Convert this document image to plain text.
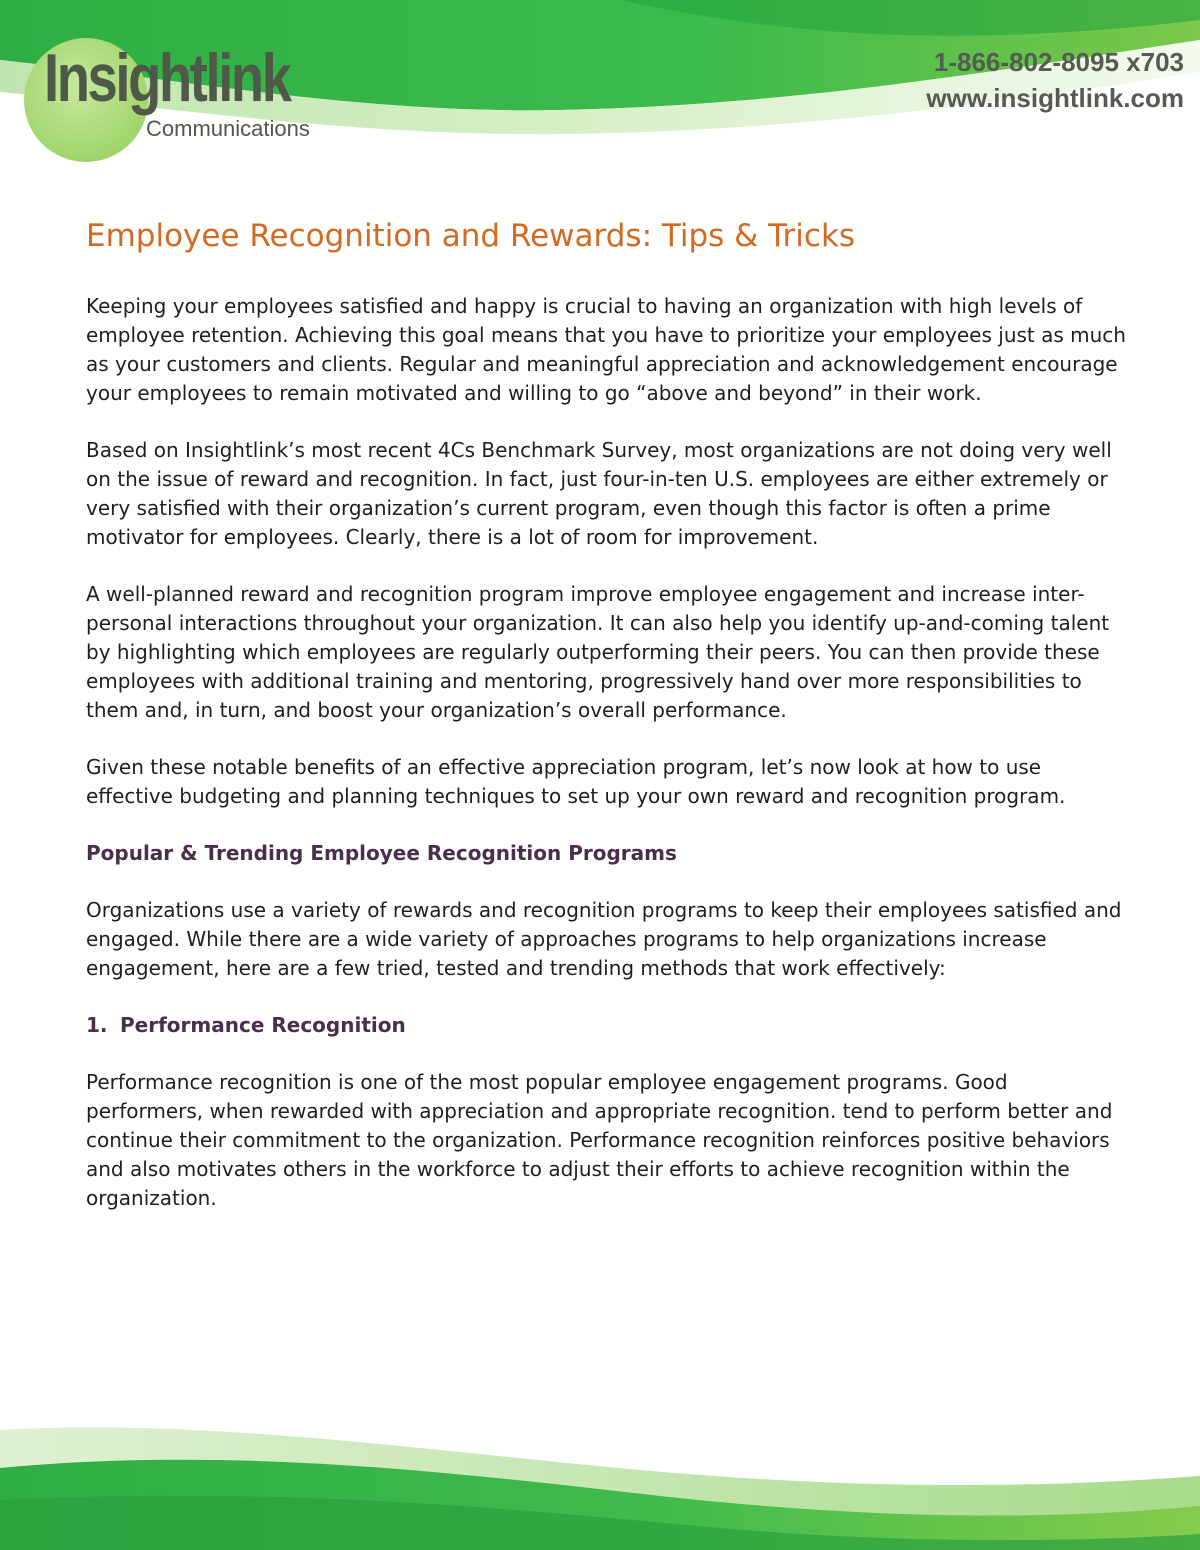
Insightlink
Communications
1-866-802-8095 x703
www.insightlink.com
Employee Recognition and Rewards: Tips & Tricks

Keeping your employees satisfied and happy is crucial to having an organization with high levels of employee retention. Achieving this goal means that you have to prioritize your employees just as much as your customers and clients. Regular and meaningful appreciation and acknowledgement encourage your employees to remain motivated and willing to go “above and beyond” in their work.

Based on Insightlink’s most recent 4Cs Benchmark Survey, most organizations are not doing very well on the issue of reward and recognition. In fact, just four-in-ten U.S. employees are either extremely or very satisfied with their organization’s current program, even though this factor is often a prime motivator for employees. Clearly, there is a lot of room for improvement.

A well-planned reward and recognition program improve employee engagement and increase inter-personal interactions throughout your organization. It can also help you identify up-and-coming talent by highlighting which employees are regularly outperforming their peers. You can then provide these employees with additional training and mentoring, progressively hand over more responsibilities to them and, in turn, and boost your organization’s overall performance.

Given these notable benefits of an effective appreciation program, let’s now look at how to use effective budgeting and planning techniques to set up your own reward and recognition program.

Popular & Trending Employee Recognition Programs

Organizations use a variety of rewards and recognition programs to keep their employees satisfied and engaged. While there are a wide variety of approaches programs to help organizations increase engagement, here are a few tried, tested and trending methods that work effectively:

1. Performance Recognition

Performance recognition is one of the most popular employee engagement programs. Good performers, when rewarded with appreciation and appropriate recognition. tend to perform better and continue their commitment to the organization. Performance recognition reinforces positive behaviors and also motivates others in the workforce to adjust their efforts to achieve recognition within the organization.
